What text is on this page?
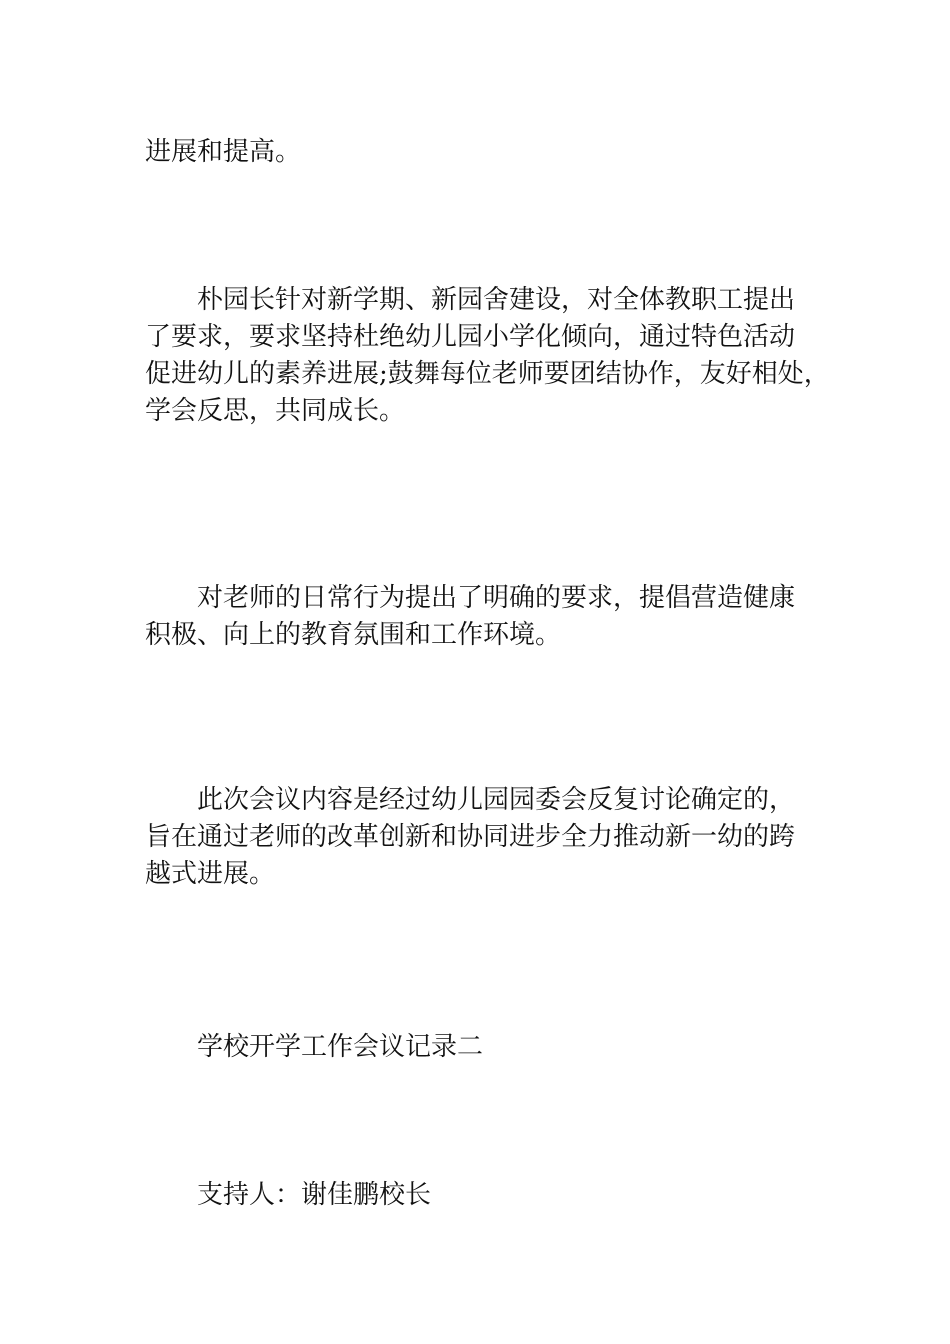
进展和提高。

朴园长针对新学期、新园舍建设，对全体教职工提出
了要求，要求坚持杜绝幼儿园小学化倾向，通过特色活动
促进幼儿的素养进展;鼓舞每位老师要团结协作，友好相处，
学会反思，共同成长。

对老师的日常行为提出了明确的要求，提倡营造健康
积极、向上的教育氛围和工作环境。

此次会议内容是经过幼儿园园委会反复讨论确定的，
旨在通过老师的改革创新和协同进步全力推动新一幼的跨
越式进展。

学校开学工作会议记录二

支持人：谢佳鹏校长
